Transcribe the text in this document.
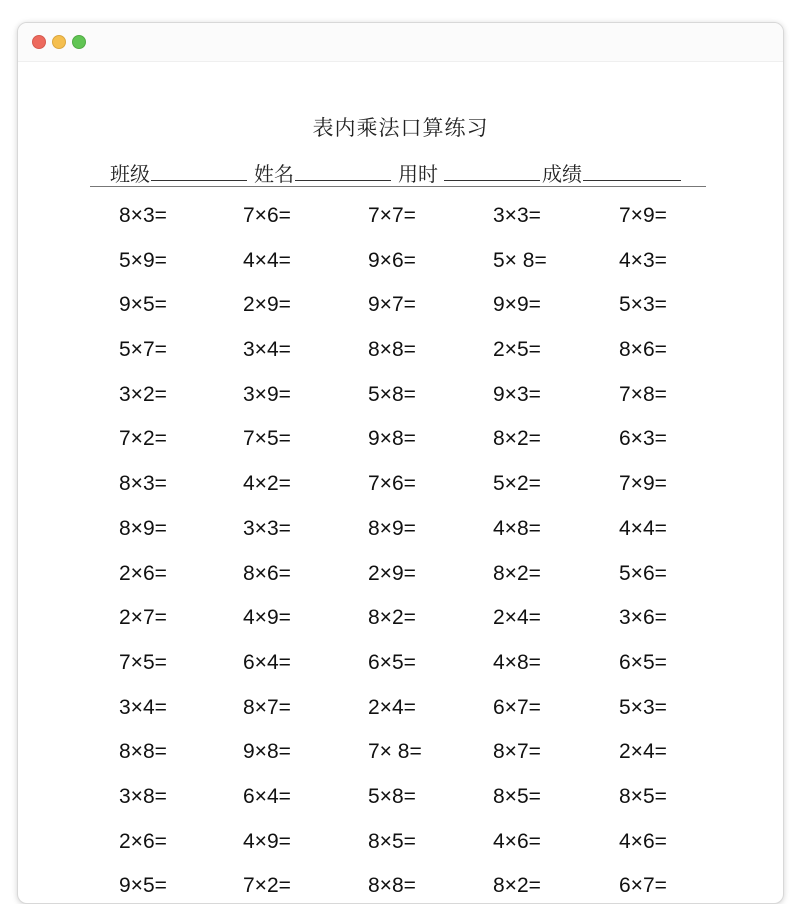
表内乘法口算练习
班级	姓名	用时	成绩
8×3=	7×6=	7×7=	3×3=	7×9=
5×9=	4×4=	9×6=	5× 8=	4×3=
9×5=	2×9=	9×7=	9×9=	5×3=
5×7=	3×4=	8×8=	2×5=	8×6=
3×2=	3×9=	5×8=	9×3=	7×8=
7×2=	7×5=	9×8=	8×2=	6×3=
8×3=	4×2=	7×6=	5×2=	7×9=
8×9=	3×3=	8×9=	4×8=	4×4=
2×6=	8×6=	2×9=	8×2=	5×6=
2×7=	4×9=	8×2=	2×4=	3×6=
7×5=	6×4=	6×5=	4×8=	6×5=
3×4=	8×7=	2×4=	6×7=	5×3=
8×8=	9×8=	7× 8=	8×7=	2×4=
3×8=	6×4=	5×8=	8×5=	8×5=
2×6=	4×9=	8×5=	4×6=	4×6=
9×5=	7×2=	8×8=	8×2=	6×7=
